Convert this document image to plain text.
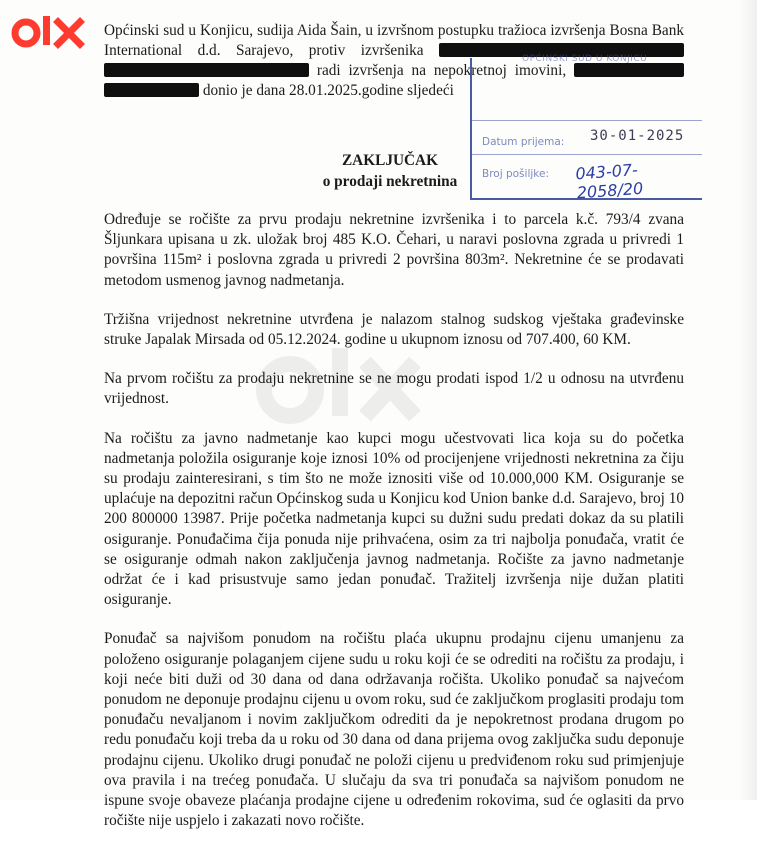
Općinski sud u Konjicu, sudija Aida Šain, u izvršnom postupku tražioca izvršenja Bosna Bank International d.d. Sarajevo, protiv izvršenika   radi izvršenja na nepokretnoj imovini,   donio je dana 28.01.2025.godine sljedeći

OPĆINSKI SUD U KONJICU
Datum prijema: 30-01-2025
Broj pošiljke: 043-07-2058/20
ZAKLJUČAK
o prodaji nekretnina

Određuje se ročište za prvu prodaju nekretnine izvršenika i to parcela k.č. 793/4 zvana Šljunkara upisana u zk. uložak broj 485 K.O. Čehari, u naravi poslovna zgrada u privredi 1 površina 115m² i poslovna zgrada u privredi 2 površina 803m². Nekretnine će se prodavati metodom usmenog javnog nadmetanja.

Tržišna vrijednost nekretnine utvrđena je nalazom stalnog sudskog vještaka građevinske struke Japalak Mirsada od 05.12.2024. godine u ukupnom iznosu od 707.400, 60 KM.

Na prvom ročištu za prodaju nekretnine se ne mogu prodati ispod 1/2 u odnosu na utvrđenu vrijednost.

Na ročištu za javno nadmetanje kao kupci mogu učestvovati lica koja su do početka nadmetanja položila osiguranje koje iznosi 10% od procijenjene vrijednosti nekretnina za čiju su prodaju zainteresirani, s tim što ne može iznositi više od 10.000,000 KM. Osiguranje se uplaćuje na depozitni račun Općinskog suda u Konjicu kod Union banke d.d. Sarajevo, broj 10 200 800000 13987. Prije početka nadmetanja kupci su dužni sudu predati dokaz da su platili osiguranje. Ponuđačima čija ponuda nije prihvaćena, osim za tri najbolja ponuđača, vratit će se osiguranje odmah nakon zaključenja javnog nadmetanja. Ročište za javno nadmetanje održat će i kad prisustvuje samo jedan ponuđač. Tražitelj izvršenja nije dužan platiti osiguranje.

Ponuđač sa najvišom ponudom na ročištu plaća ukupnu prodajnu cijenu umanjenu za položeno osiguranje polaganjem cijene sudu u roku koji će se odrediti na ročištu za prodaju, i koji neće biti duži od 30 dana od dana održavanja ročišta. Ukoliko ponuđač sa najvećom ponudom ne deponuje prodajnu cijenu u ovom roku, sud će zaključkom proglasiti prodaju tom ponuđaču nevaljanom i novim zaključkom odrediti da je nepokretnost prodana drugom po redu ponuđaču koji treba da u roku od 30 dana od dana prijema ovog zaključka sudu deponuje prodajnu cijenu. Ukoliko drugi ponuđač ne položi cijenu u predviđenom roku sud primjenjuje ova pravila i na trećeg ponuđača. U slučaju da sva tri ponuđača sa najvišom ponudom ne ispune svoje obaveze plaćanja prodajne cijene u određenim rokovima, sud će oglasiti da prvo ročište nije uspjelo i zakazati novo ročište.
